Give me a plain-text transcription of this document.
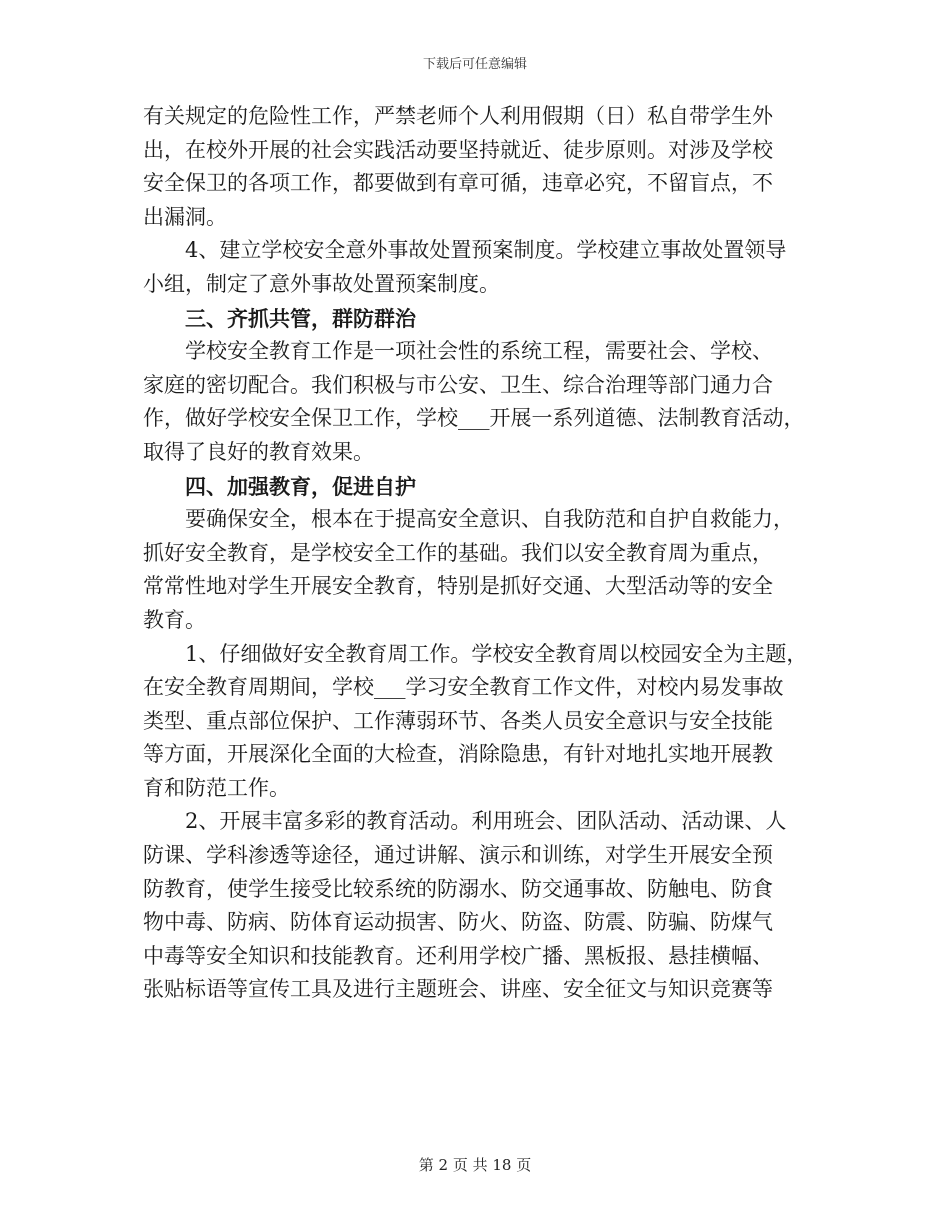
下载后可任意编辑
有关规定的危险性工作，严禁老师个人利用假期（日）私自带学生外
出，在校外开展的社会实践活动要坚持就近、徒步原则。对涉及学校
安全保卫的各项工作，都要做到有章可循，违章必究，不留盲点，不
出漏洞。
4、建立学校安全意外事故处置预案制度。学校建立事故处置领导
小组，制定了意外事故处置预案制度。
三、齐抓共管，群防群治
学校安全教育工作是一项社会性的系统工程，需要社会、学校、
家庭的密切配合。我们积极与市公安、卫生、综合治理等部门通力合
作，做好学校安全保卫工作，学校___开展一系列道德、法制教育活动，
取得了良好的教育效果。
四、加强教育，促进自护
要确保安全，根本在于提高安全意识、自我防范和自护自救能力，
抓好安全教育，是学校安全工作的基础。我们以安全教育周为重点，
常常性地对学生开展安全教育，特别是抓好交通、大型活动等的安全
教育。
1、仔细做好安全教育周工作。学校安全教育周以校园安全为主题，
在安全教育周期间，学校___学习安全教育工作文件，对校内易发事故
类型、重点部位保护、工作薄弱环节、各类人员安全意识与安全技能
等方面，开展深化全面的大检查，消除隐患，有针对地扎实地开展教
育和防范工作。
2、开展丰富多彩的教育活动。利用班会、团队活动、活动课、人
防课、学科渗透等途径，通过讲解、演示和训练，对学生开展安全预
防教育，使学生接受比较系统的防溺水、防交通事故、防触电、防食
物中毒、防病、防体育运动损害、防火、防盗、防震、防骗、防煤气
中毒等安全知识和技能教育。还利用学校广播、黑板报、悬挂横幅、
张贴标语等宣传工具及进行主题班会、讲座、安全征文与知识竞赛等
第 2 页 共 18 页
